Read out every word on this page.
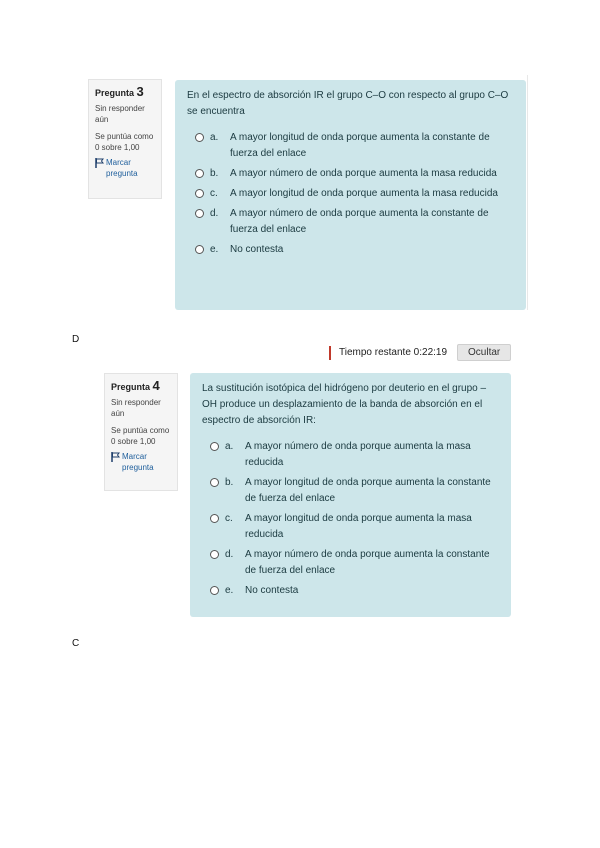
Pregunta 3
Sin responder aún
Se puntúa como 0 sobre 1,00
Marcar pregunta
En el espectro de absorción IR el grupo C–O con respecto al grupo C–O se encuentra
a.	A mayor longitud de onda porque aumenta la constante de fuerza del enlace
b.	A mayor número de onda porque aumenta la masa reducida
c.	A mayor longitud de onda porque aumenta la masa reducida
d.	A mayor número de onda porque aumenta la constante de fuerza del enlace
e.	No contesta
D
Tiempo restante 0:22:19	Ocultar
Pregunta 4
Sin responder aún
Se puntúa como 0 sobre 1,00
Marcar pregunta
La sustitución isotópica del hidrógeno por deuterio en el grupo –OH produce un desplazamiento de la banda de absorción en el espectro de absorción IR:
a.	A mayor número de onda porque aumenta la masa reducida
b.	A mayor longitud de onda porque aumenta la constante de fuerza del enlace
c.	A mayor longitud de onda porque aumenta la masa reducida
d.	A mayor número de onda porque aumenta la constante de fuerza del enlace
e.	No contesta
C
